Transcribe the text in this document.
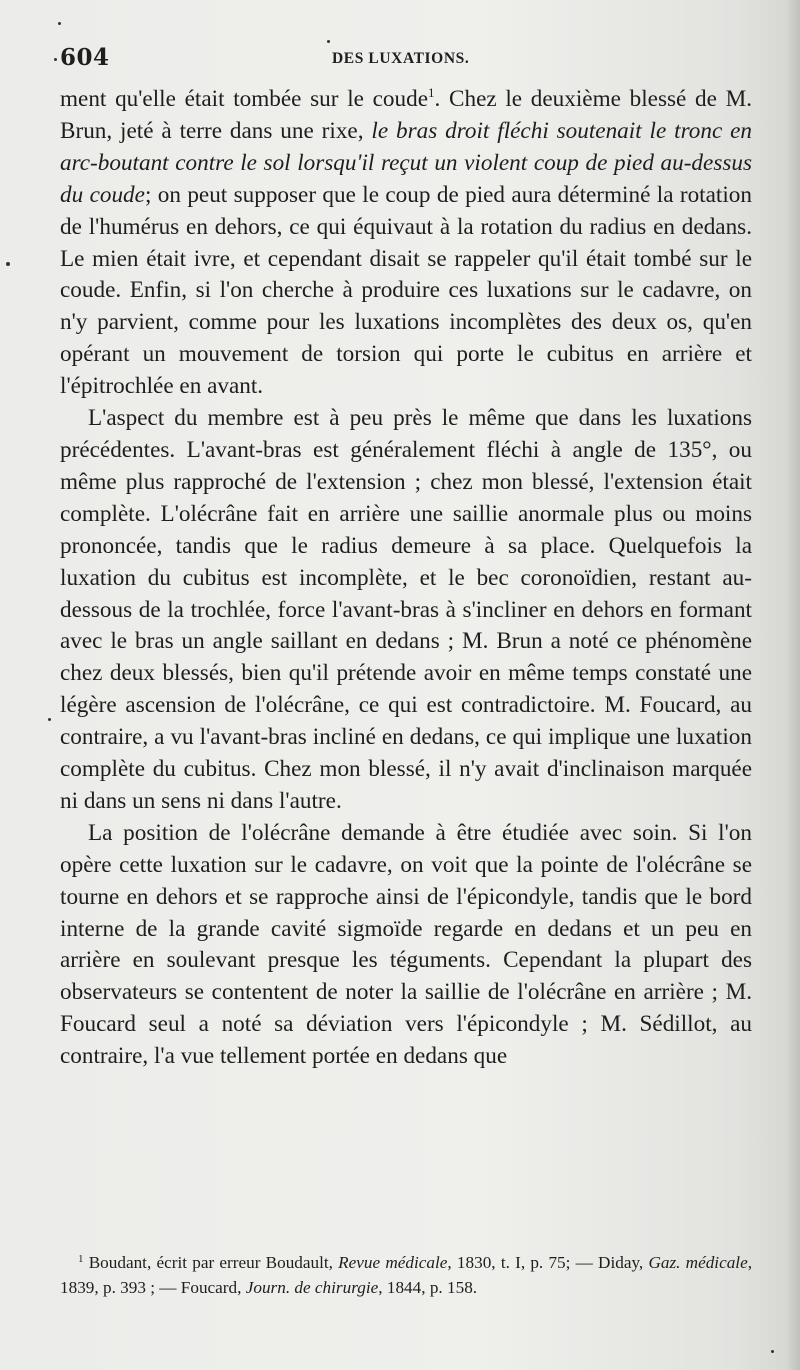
604	DES LUXATIONS.

ment qu'elle était tombée sur le coude$^1$. Chez le deuxième blessé de M. Brun, jeté à terre dans une rixe, le bras droit fléchi soutenait le tronc en arc-boutant contre le sol lorsqu'il reçut un violent coup de pied au-dessus du coude; on peut supposer que le coup de pied aura déterminé la rotation de l'humérus en dehors, ce qui équivaut à la rotation du radius en dedans. Le mien était ivre, et cependant disait se rappeler qu'il était tombé sur le coude. Enfin, si l'on cherche à produire ces luxations sur le cadavre, on n'y parvient, comme pour les luxations incomplètes des deux os, qu'en opérant un mouvement de torsion qui porte le cubitus en arrière et l'épitrochlée en avant.

L'aspect du membre est à peu près le même que dans les luxations précédentes. L'avant-bras est généralement fléchi à angle de 135°, ou même plus rapproché de l'extension ; chez mon blessé, l'extension était complète. L'olécrâne fait en arrière une saillie anormale plus ou moins prononcée, tandis que le radius demeure à sa place. Quelquefois la luxation du cubitus est incomplète, et le bec coronoïdien, restant au-dessous de la trochlée, force l'avant-bras à s'incliner en dehors en formant avec le bras un angle saillant en dedans ; M. Brun a noté ce phénomène chez deux blessés, bien qu'il prétende avoir en même temps constaté une légère ascension de l'olécrâne, ce qui est contradictoire. M. Foucard, au contraire, a vu l'avant-bras incliné en dedans, ce qui implique une luxation complète du cubitus. Chez mon blessé, il n'y avait d'inclinaison marquée ni dans un sens ni dans l'autre.

La position de l'olécrâne demande à être étudiée avec soin. Si l'on opère cette luxation sur le cadavre, on voit que la pointe de l'olécrâne se tourne en dehors et se rapproche ainsi de l'épicondyle, tandis que le bord interne de la grande cavité sigmoïde regarde en dedans et un peu en arrière en soulevant presque les téguments. Cependant la plupart des observateurs se contentent de noter la saillie de l'olécrâne en arrière ; M. Foucard seul a noté sa déviation vers l'épicondyle ; M. Sédillot, au contraire, l'a vue tellement portée en dedans que

$^1$ Boudant, écrit par erreur Boudault, Revue médicale, 1830, t. I, p. 75; — Diday, Gaz. médicale, 1839, p. 393 ; — Foucard, Journ. de chirurgie, 1844, p. 158.
